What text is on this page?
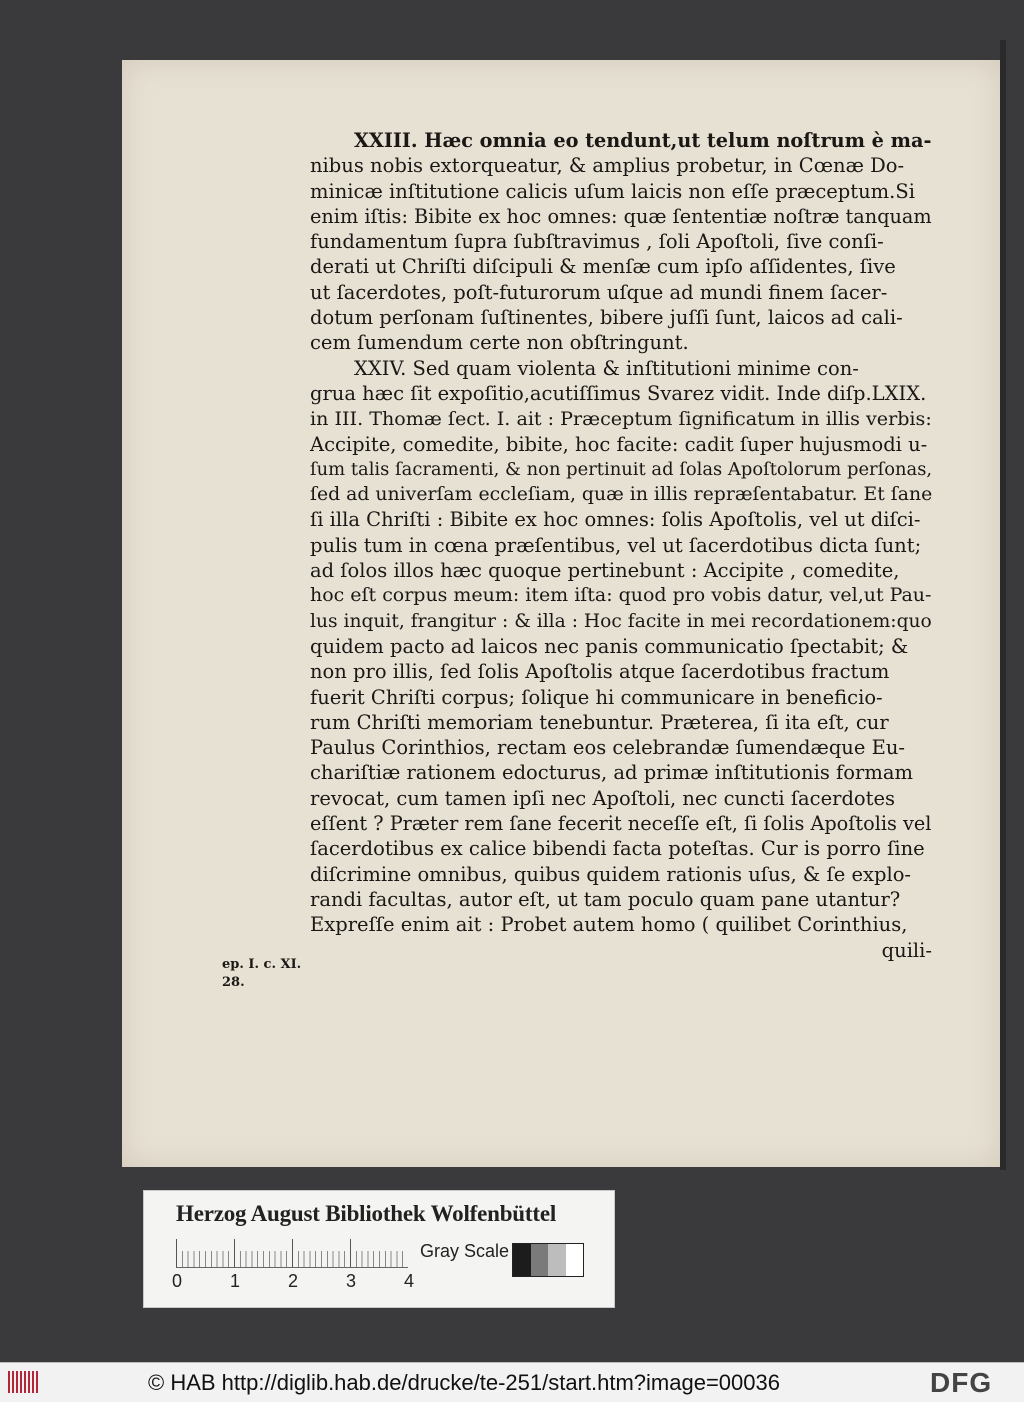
XXIII. Hæc omnia eo tendunt,ut telum noſtrum è ma-
nibus nobis extorqueatur, & amplius probetur, in Cœnæ Do-
minicæ inſtitutione calicis uſum laicis non eſſe præceptum.Si
enim iſtis: Bibite ex hoc omnes: quæ ſententiæ noſtræ tanquam
fundamentum ſupra ſubſtravimus , ſoli Apoſtoli, ſive conſi-
derati ut Chriſti diſcipuli & menſæ cum ipſo aſſidentes, ſive
ut ſacerdotes, poſt-futurorum uſque ad mundi finem ſacer-
dotum perſonam ſuſtinentes, bibere juſſi ſunt, laicos ad cali-
cem ſumendum certe non obſtringunt.
XXIV. Sed quam violenta & inſtitutioni minime con-
grua hæc ſit expoſitio,acutiſſimus Svarez vidit. Inde diſp.LXIX.
in III. Thomæ ſect. I. ait : Præceptum ſignificatum in illis verbis:
Accipite, comedite, bibite, hoc facite: cadit ſuper hujusmodi u-
ſum talis ſacramenti, & non pertinuit ad ſolas Apoſtolorum perſonas,
ſed ad univerſam eccleſiam, quæ in illis repræſentabatur. Et ſane
ſi illa Chriſti : Bibite ex hoc omnes: ſolis Apoſtolis, vel ut diſci-
pulis tum in cœna præſentibus, vel ut ſacerdotibus dicta ſunt;
ad ſolos illos hæc quoque pertinebunt : Accipite , comedite,
hoc eſt corpus meum: item iſta: quod pro vobis datur, vel,ut Pau-
lus inquit, frangitur : & illa : Hoc facite in mei recordationem:quo
quidem pacto ad laicos nec panis communicatio ſpectabit; &
non pro illis, ſed ſolis Apoſtolis atque ſacerdotibus fractum
fuerit Chriſti corpus; ſolique hi communicare in beneficio-
rum Chriſti memoriam tenebuntur. Præterea, ſi ita eſt, cur
Paulus Corinthios, rectam eos celebrandæ ſumendæque Eu-
chariſtiæ rationem edocturus, ad primæ inſtitutionis formam
revocat, cum tamen ipſi nec Apoſtoli, nec cuncti ſacerdotes
eſſent ? Præter rem ſane fecerit neceſſe eſt, ſi ſolis Apoſtolis vel
ſacerdotibus ex calice bibendi facta poteſtas. Cur is porro ſine
diſcrimine omnibus, quibus quidem rationis uſus, & ſe explo-
randi facultas, autor eſt, ut tam poculo quam pane utantur?
Expreſſe enim ait : Probet autem homo ( quilibet Corinthius,
quili-
ep. I. c. XI.
28.
Herzog August Bibliothek Wolfenbüttel
0	1	2	3	4
Gray Scale
© HAB http://diglib.hab.de/drucke/te-251/start.htm?image=00036	DFG
